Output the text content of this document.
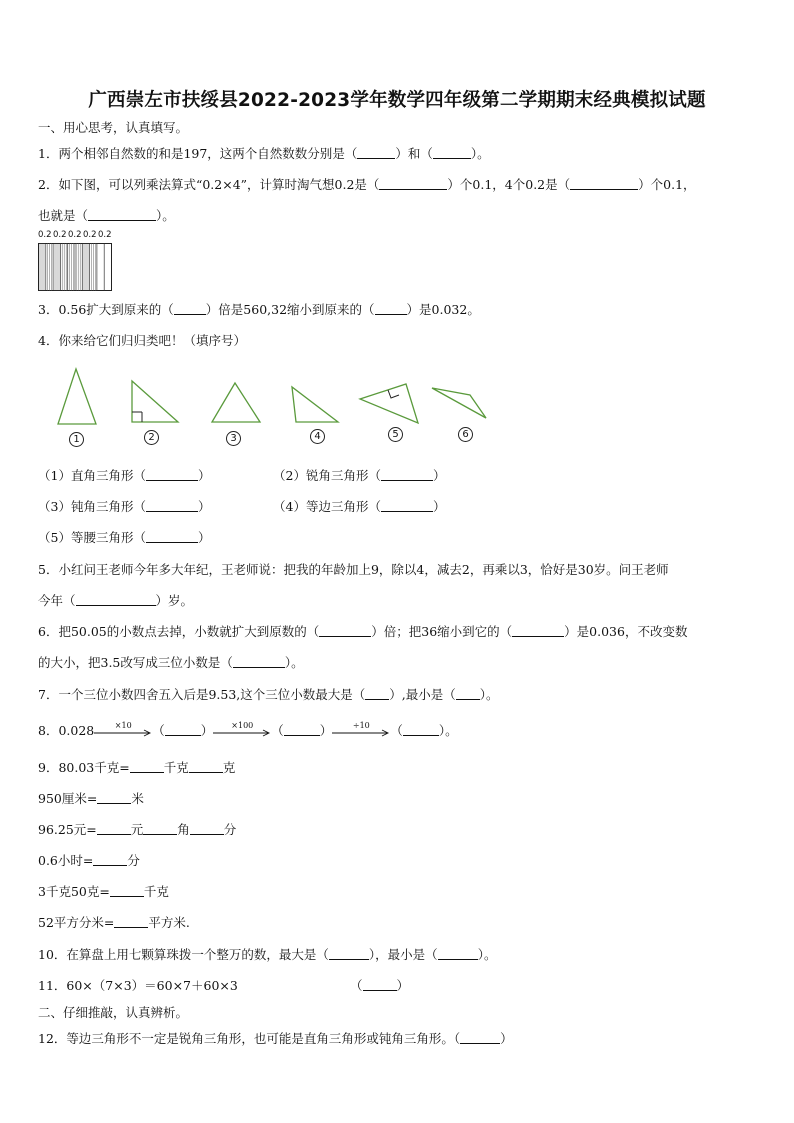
广西崇左市扶绥县2022-2023学年数学四年级第二学期期末经典模拟试题
一、用心思考，认真填写。
1．两个相邻自然数的和是197，这两个自然数数分别是（	）和（	）。
2．如下图，可以列乘法算式“0.2×4”，计算时淘气想0.2是（	）个0.1，4个0.2是（	）个0.1，
也就是（	）。
0.2 0.2 0.2 0.2 0.2
3．0.56扩大到原来的（	）倍是560,32缩小到原来的（	）是0.032。
4．你来给它们归归类吧！（填序号）
1	2	3	4	5	6
（1）直角三角形（	）	（2）锐角三角形（	）
（3）钝角三角形（	）	（4）等边三角形（	）
（5）等腰三角形（	）
5．小红问王老师今年多大年纪，王老师说：把我的年龄加上9，除以4，减去2，再乘以3，恰好是30岁。问王老师
今年（	）岁。
6．把50.05的小数点去掉，小数就扩大到原数的（	）倍；把36缩小到它的（	）是0.036，不改变数
的大小，把3.5改写成三位小数是（	）。
7．一个三位小数四舍五入后是9.53,这个三位小数最大是（ ）,最小是（ ）。
8．0.028	×10	（	）	×100	（	）	÷10	（	）。
9．80.03千克=	千克	克
950厘米=	米
96.25元=	元	角	分
0.6小时=	分
3千克50克=	千克
52平方分米=	平方米.
10．在算盘上用七颗算珠拨一个整万的数，最大是（	），最小是（	）。
11．60×（7×3）＝60×7＋60×3	（	）
二、仔细推敲，认真辨析。
12．等边三角形不一定是锐角三角形，也可能是直角三角形或钝角三角形。（	）
